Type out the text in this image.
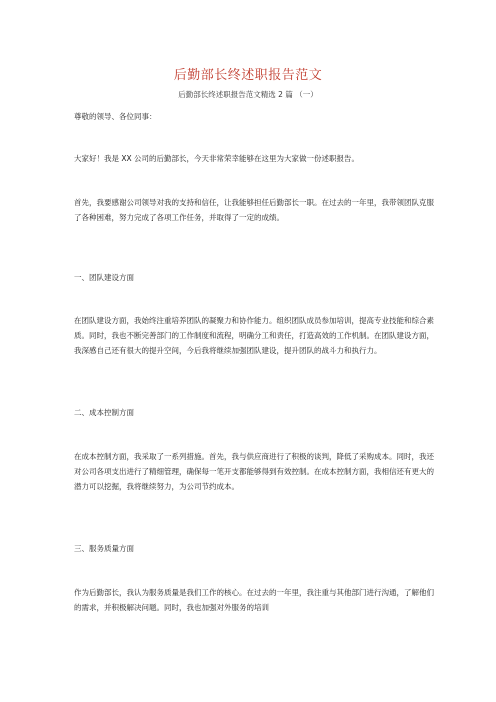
后勤部长终述职报告范文
后勤部长终述职报告范文精选 2 篇 （一）

尊敬的领导、各位同事：

大家好！我是 XX 公司的后勤部长，今天非常荣幸能够在这里为大家做一份述职报告。

首先，我要感谢公司领导对我的支持和信任，让我能够担任后勤部长一职。在过去的一年里，我带领团队克服了各种困难，努力完成了各项工作任务，并取得了一定的成绩。

一、团队建设方面

在团队建设方面，我始终注重培养团队的凝聚力和协作能力。组织团队成员参加培训，提高专业技能和综合素质。同时，我也不断完善部门的工作制度和流程，明确分工和责任，打造高效的工作机制。在团队建设方面，我深感自己还有很大的提升空间，今后我将继续加强团队建设，提升团队的战斗力和执行力。

二、成本控制方面

在成本控制方面，我采取了一系列措施。首先，我与供应商进行了积极的谈判，降低了采购成本。同时，我还对公司各项支出进行了精细管理，确保每一笔开支都能够得到有效控制。在成本控制方面，我相信还有更大的潜力可以挖掘，我将继续努力，为公司节约成本。

三、服务质量方面

作为后勤部长，我认为服务质量是我们工作的核心。在过去的一年里，我注重与其他部门进行沟通，了解他们的需求，并积极解决问题。同时，我也加强对外服务的培训
